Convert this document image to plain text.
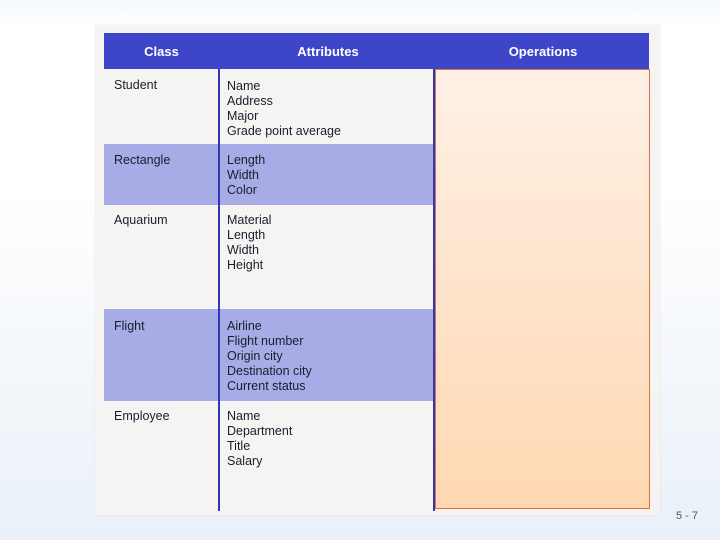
Class	Attributes	Operations
Student	Name
Address
Major
Grade point average
Rectangle	Length
Width
Color
Aquarium	Material
Length
Width
Height
Flight	Airline
Flight number
Origin city
Destination city
Current status
Employee	Name
Department
Title
Salary
5 - 7
